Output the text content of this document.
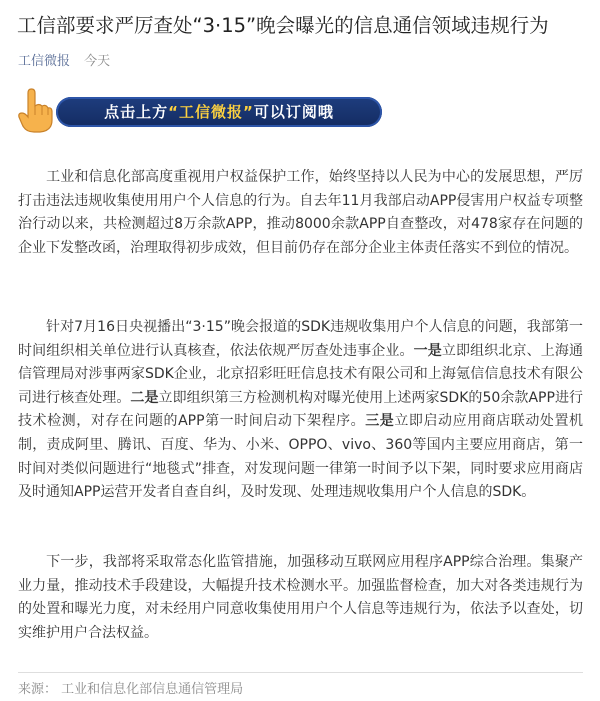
工信部要求严厉查处“3·15”晚会曝光的信息通信领域违规行为
工信微报 今天
点击上方“工信微报”可以订阅哦

工业和信息化部高度重视用户权益保护工作，始终坚持以人民为中心的发展思想，严厉打击违法违规收集使用用户个人信息的行为。自去年11月我部启动APP侵害用户权益专项整治行动以来，共检测超过8万余款APP，推动8000余款APP自查整改，对478家存在问题的企业下发整改函，治理取得初步成效，但目前仍存在部分企业主体责任落实不到位的情况。

针对7月16日央视播出“3·15”晚会报道的SDK违规收集用户个人信息的问题，我部第一时间组织相关单位进行认真核查，依法依规严厉查处违事企业。一是立即组织北京、上海通信管理局对涉事两家SDK企业，北京招彩旺旺信息技术有限公司和上海氪信信息技术有限公司进行核查处理。二是立即组织第三方检测机构对曝光使用上述两家SDK的50余款APP进行技术检测，对存在问题的APP第一时间启动下架程序。三是立即启动应用商店联动处置机制，责成阿里、腾讯、百度、华为、小米、OPPO、vivo、360等国内主要应用商店，第一时间对类似问题进行“地毯式”排查，对发现问题一律第一时间予以下架，同时要求应用商店及时通知APP运营开发者自查自纠，及时发现、处理违规收集用户个人信息的SDK。

下一步，我部将采取常态化监管措施，加强移动互联网应用程序APP综合治理。集聚产业力量，推动技术手段建设，大幅提升技术检测水平。加强监督检查，加大对各类违规行为的处置和曝光力度，对未经用户同意收集使用用户个人信息等违规行为，依法予以查处，切实维护用户合法权益。

来源： 工业和信息化部信息通信管理局
